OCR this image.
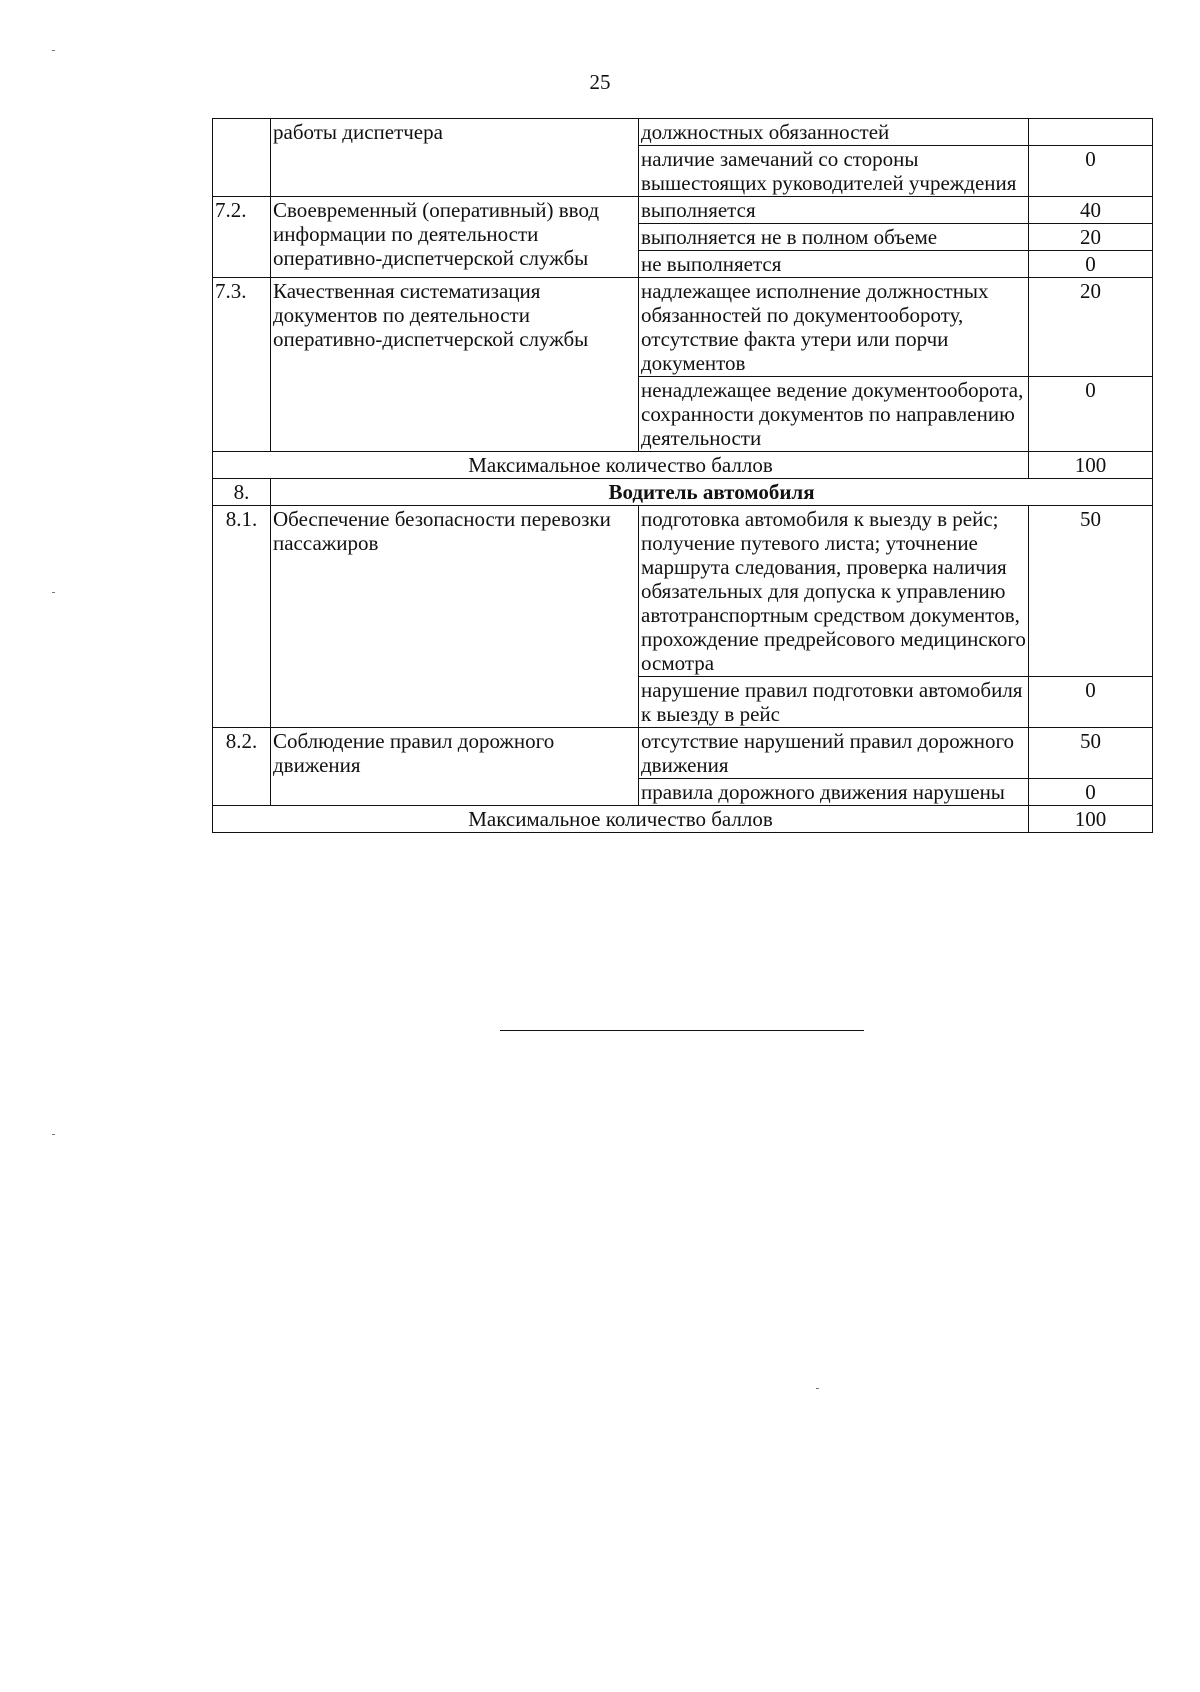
25
	работы диспетчера	должностных обязанностей	
		наличие замечаний со стороны вышестоящих руководителей учреждения	0
7.2.	Своевременный (оперативный) ввод информации по деятельности оперативно-диспетчерской службы	выполняется	40
		выполняется не в полном объеме	20
		не выполняется	0
7.3.	Качественная систематизация документов по деятельности оперативно-диспетчерской службы	надлежащее исполнение должностных обязанностей по документообороту, отсутствие факта утери или порчи документов	20
		ненадлежащее ведение документооборота, сохранности документов по направлению деятельности	0
Максимальное количество баллов			100
8.	Водитель автомобиля		
8.1.	Обеспечение безопасности перевозки пассажиров	подготовка автомобиля к выезду в рейс; получение путевого листа; уточнение маршрута следования, проверка наличия обязательных для допуска к управлению автотранспортным средством документов, прохождение предрейсового медицинского осмотра	50
		нарушение правил подготовки автомобиля к выезду в рейс	0
8.2.	Соблюдение правил дорожного движения	отсутствие нарушений правил дорожного движения	50
		правила дорожного движения нарушены	0
Максимальное количество баллов			100
